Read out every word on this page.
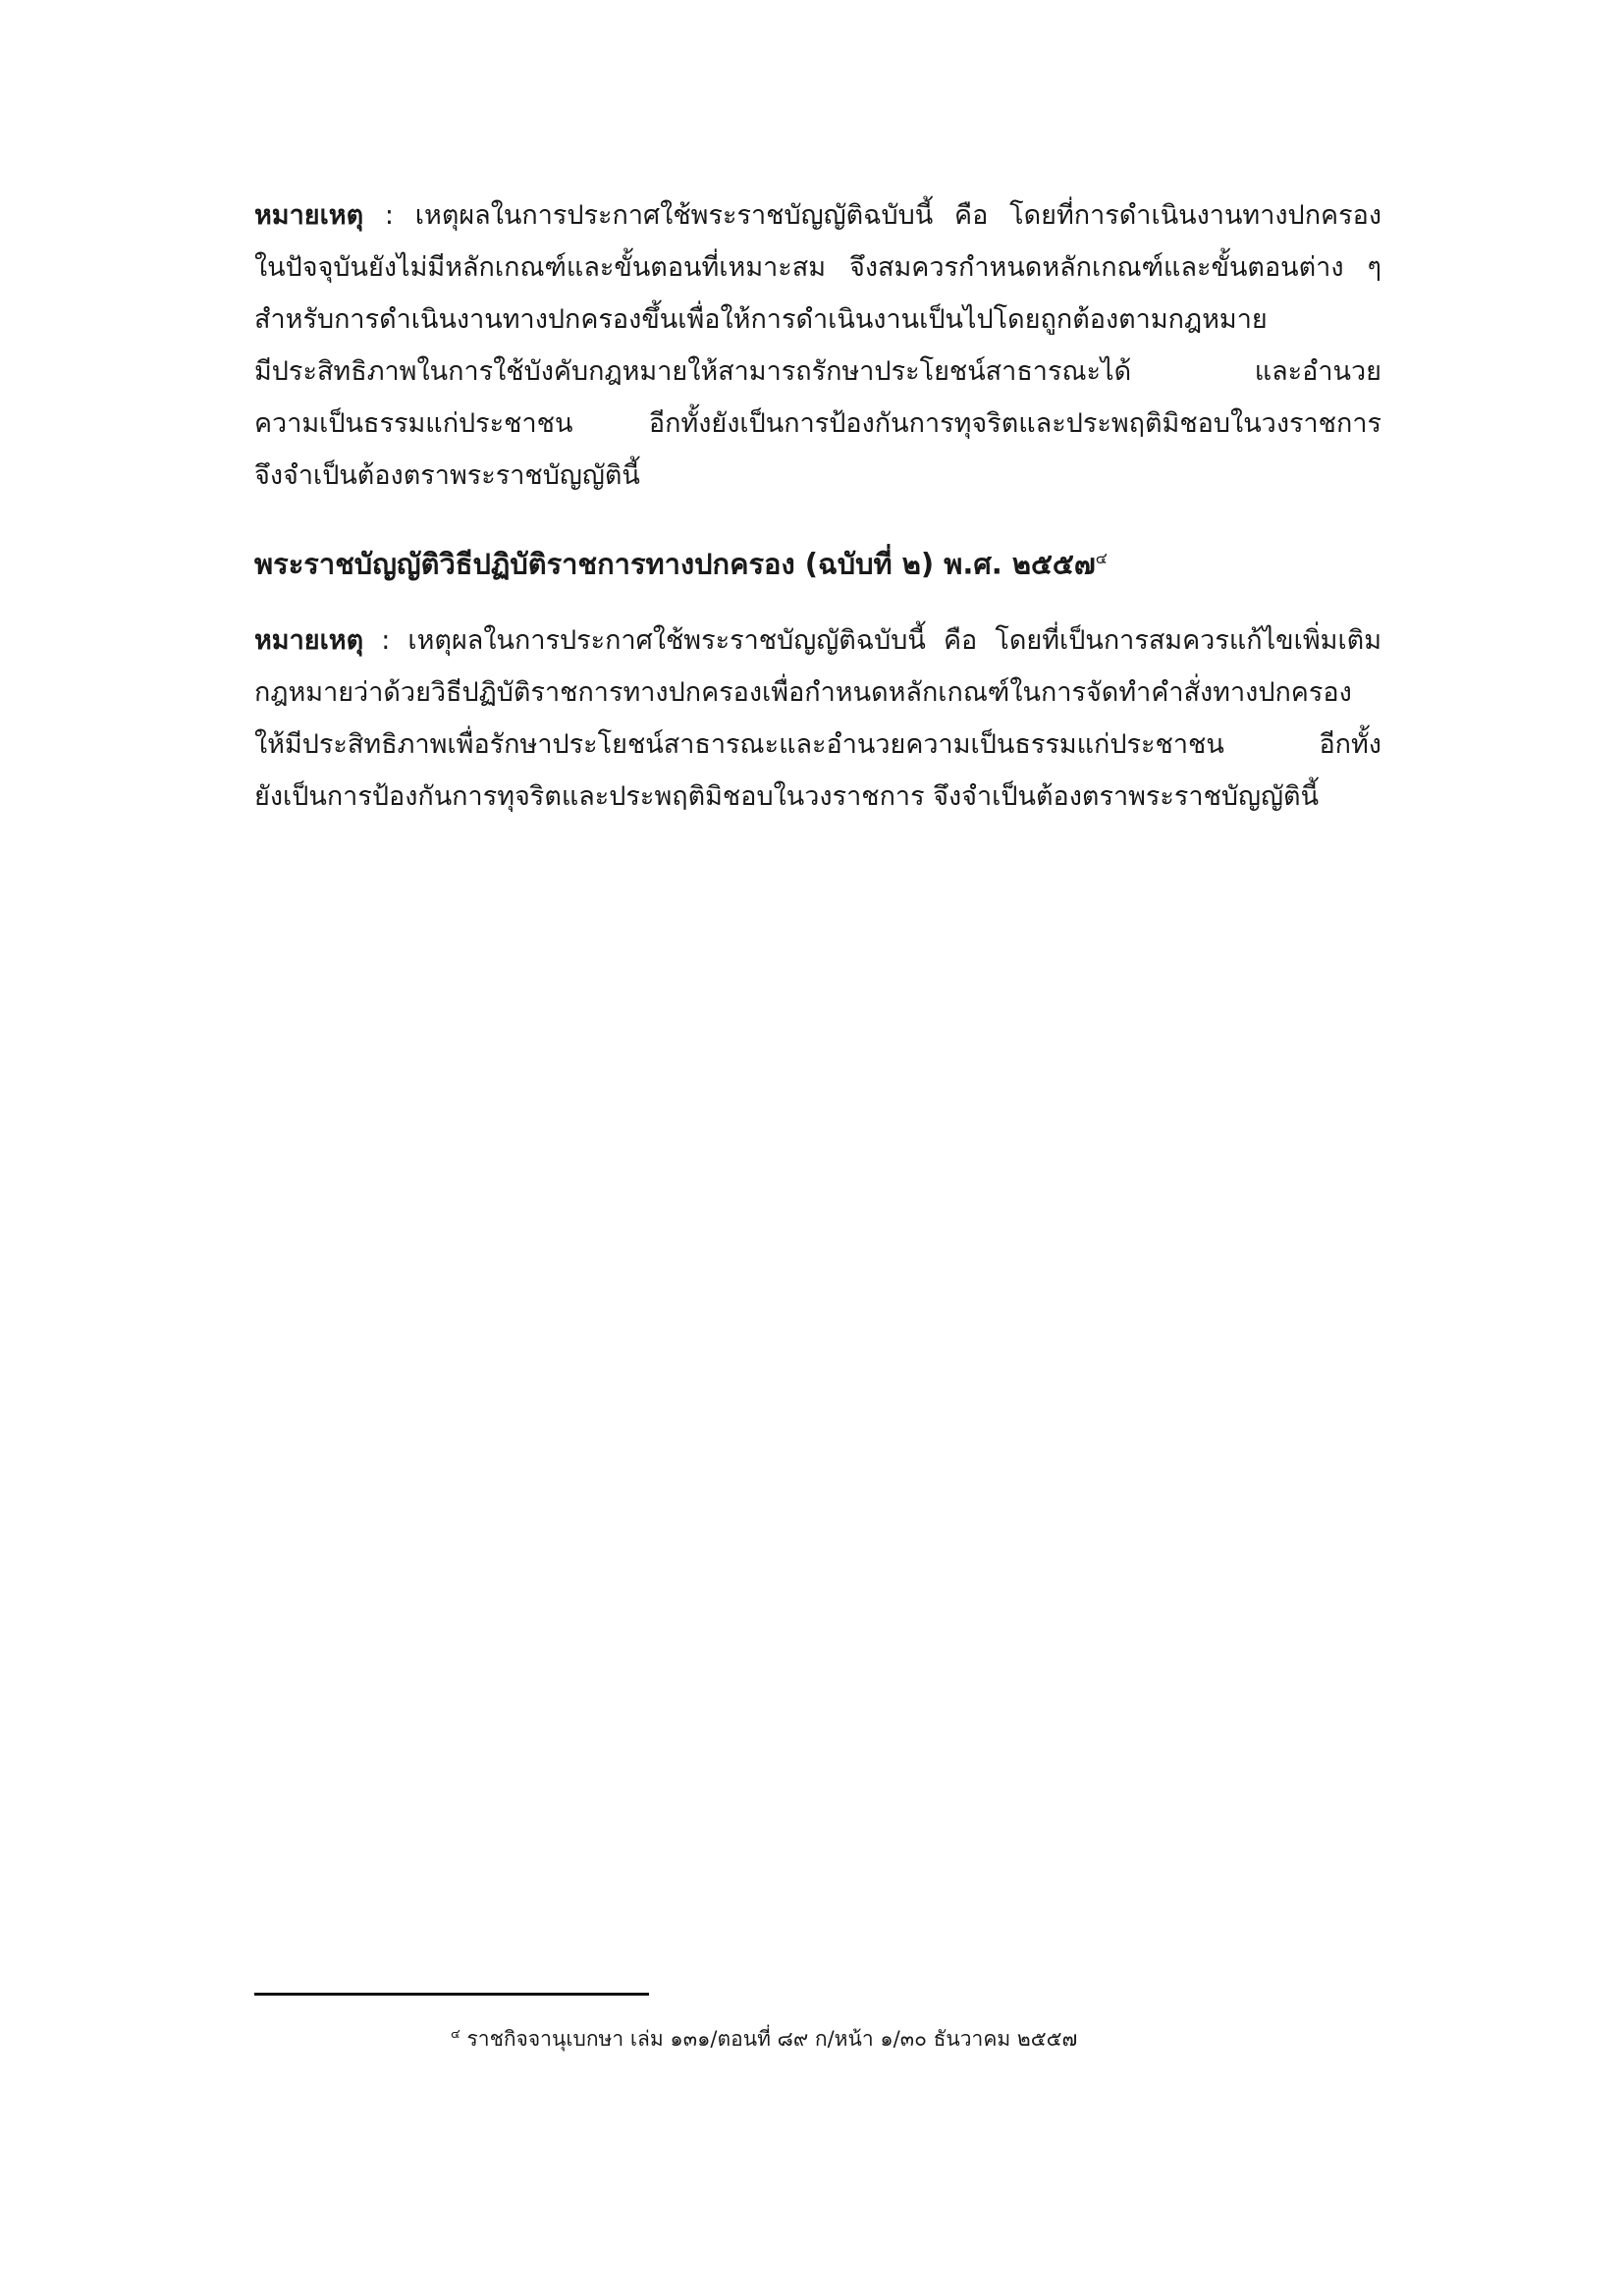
หมายเหตุ : เหตุผลในการประกาศใช้พระราชบัญญัติฉบับนี้ คือ โดยที่การดำเนินงานทางปกครอง
ในปัจจุบันยังไม่มีหลักเกณฑ์และขั้นตอนที่เหมาะสม จึงสมควรกำหนดหลักเกณฑ์และขั้นตอนต่าง ๆ
สำหรับการดำเนินงานทางปกครองขึ้นเพื่อให้การดำเนินงานเป็นไปโดยถูกต้องตามกฎหมาย
มีประสิทธิภาพในการใช้บังคับกฎหมายให้สามารถรักษาประโยชน์สาธารณะได้ และอำนวย
ความเป็นธรรมแก่ประชาชน อีกทั้งยังเป็นการป้องกันการทุจริตและประพฤติมิชอบในวงราชการ
จึงจำเป็นต้องตราพระราชบัญญัตินี้
พระราชบัญญัติวิธีปฏิบัติราชการทางปกครอง (ฉบับที่ ๒) พ.ศ. ๒๕๕๗$^๔$
หมายเหตุ : เหตุผลในการประกาศใช้พระราชบัญญัติฉบับนี้ คือ โดยที่เป็นการสมควรแก้ไขเพิ่มเติม
กฎหมายว่าด้วยวิธีปฏิบัติราชการทางปกครองเพื่อกำหนดหลักเกณฑ์ในการจัดทำคำสั่งทางปกครอง
ให้มีประสิทธิภาพเพื่อรักษาประโยชน์สาธารณะและอำนวยความเป็นธรรมแก่ประชาชน อีกทั้ง
ยังเป็นการป้องกันการทุจริตและประพฤติมิชอบในวงราชการ จึงจำเป็นต้องตราพระราชบัญญัตินี้
$^๔$ ราชกิจจานุเบกษา เล่ม ๑๓๑/ตอนที่ ๘๙ ก/หน้า ๑/๓๐ ธันวาคม ๒๕๕๗
